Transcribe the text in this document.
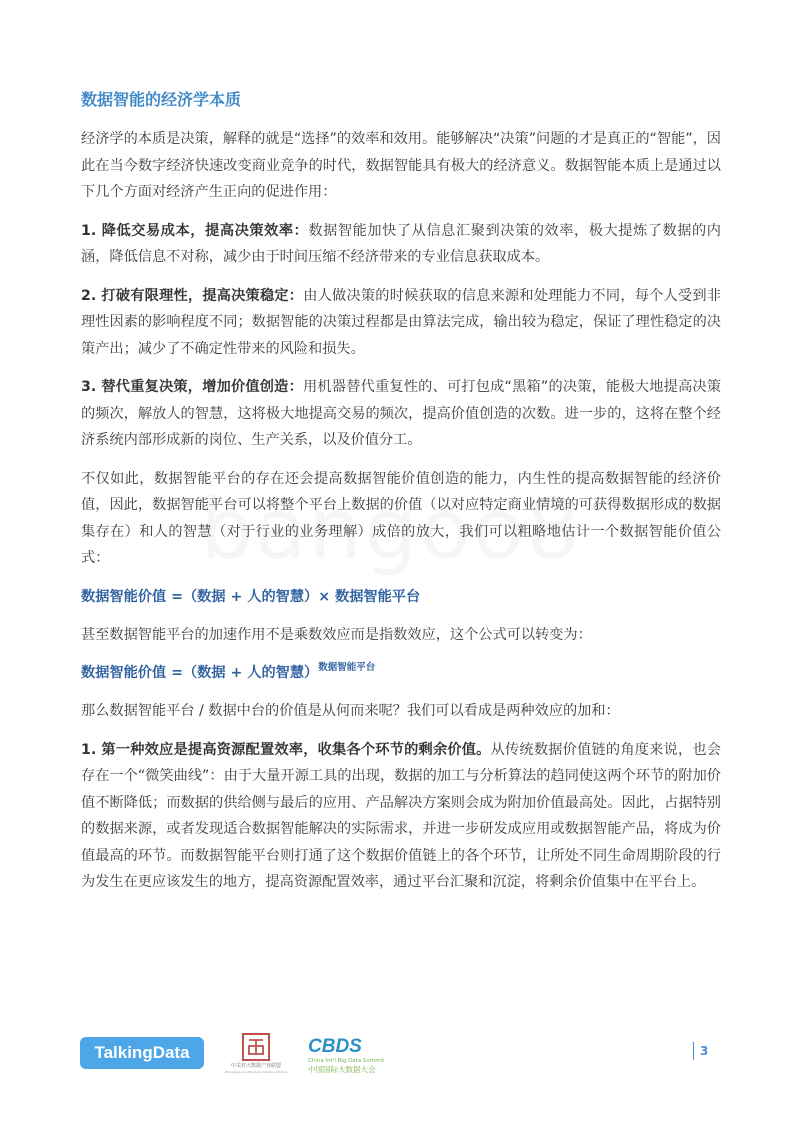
数据智能的经济学本质

经济学的本质是决策，解释的就是“选择”的效率和效用。能够解决“决策”问题的才是真正的“智能”，因此在当今数字经济快速改变商业竞争的时代，数据智能具有极大的经济意义。数据智能本质上是通过以下几个方面对经济产生正向的促进作用：

1. 降低交易成本，提高决策效率：数据智能加快了从信息汇聚到决策的效率，极大提炼了数据的内涵，降低信息不对称，减少由于时间压缩不经济带来的专业信息获取成本。

2. 打破有限理性，提高决策稳定：由人做决策的时候获取的信息来源和处理能力不同，每个人受到非理性因素的影响程度不同；数据智能的决策过程都是由算法完成，输出较为稳定，保证了理性稳定的决策产出；减少了不确定性带来的风险和损失。

3. 替代重复决策，增加价值创造：用机器替代重复性的、可打包成“黑箱”的决策，能极大地提高决策的频次，解放人的智慧，这将极大地提高交易的频次，提高价值创造的次数。进一步的，这将在整个经济系统内部形成新的岗位、生产关系，以及价值分工。

不仅如此，数据智能平台的存在还会提高数据智能价值创造的能力，内生性的提高数据智能的经济价值，因此，数据智能平台可以将整个平台上数据的价值（以对应特定商业情境的可获得数据形成的数据集存在）和人的智慧（对于行业的业务理解）成倍的放大，我们可以粗略地估计一个数据智能价值公式：

数据智能价值 =（数据 + 人的智慧）× 数据智能平台

甚至数据智能平台的加速作用不是乘数效应而是指数效应，这个公式可以转变为：

数据智能价值 =（数据 + 人的智慧）$^{数据智能平台}$

那么数据智能平台 / 数据中台的价值是从何而来呢？我们可以看成是两种效应的加和：

1. 第一种效应是提高资源配置效率，收集各个环节的剩余价值。从传统数据价值链的角度来说，也会存在一个“微笑曲线”：由于大量开源工具的出现，数据的加工与分析算法的趋同使这两个环节的附加价值不断降低；而数据的供给侧与最后的应用、产品解决方案则会成为附加价值最高处。因此，占据特别的数据来源，或者发现适合数据智能解决的实际需求，并进一步研发成应用或数据智能产品，将成为价值最高的环节。而数据智能平台则打通了这个数据价值链上的各个环节，让所处不同生命周期阶段的行为发生在更应该发生的地方，提高资源配置效率，通过平台汇聚和沉淀，将剩余价值集中在平台上。

TalkingData
中关村大数据产业联盟
Zhongguancun Big Data Industry Alliance
CBDS
China Int'l Big Data Summit
中国国际大数据大会
3
